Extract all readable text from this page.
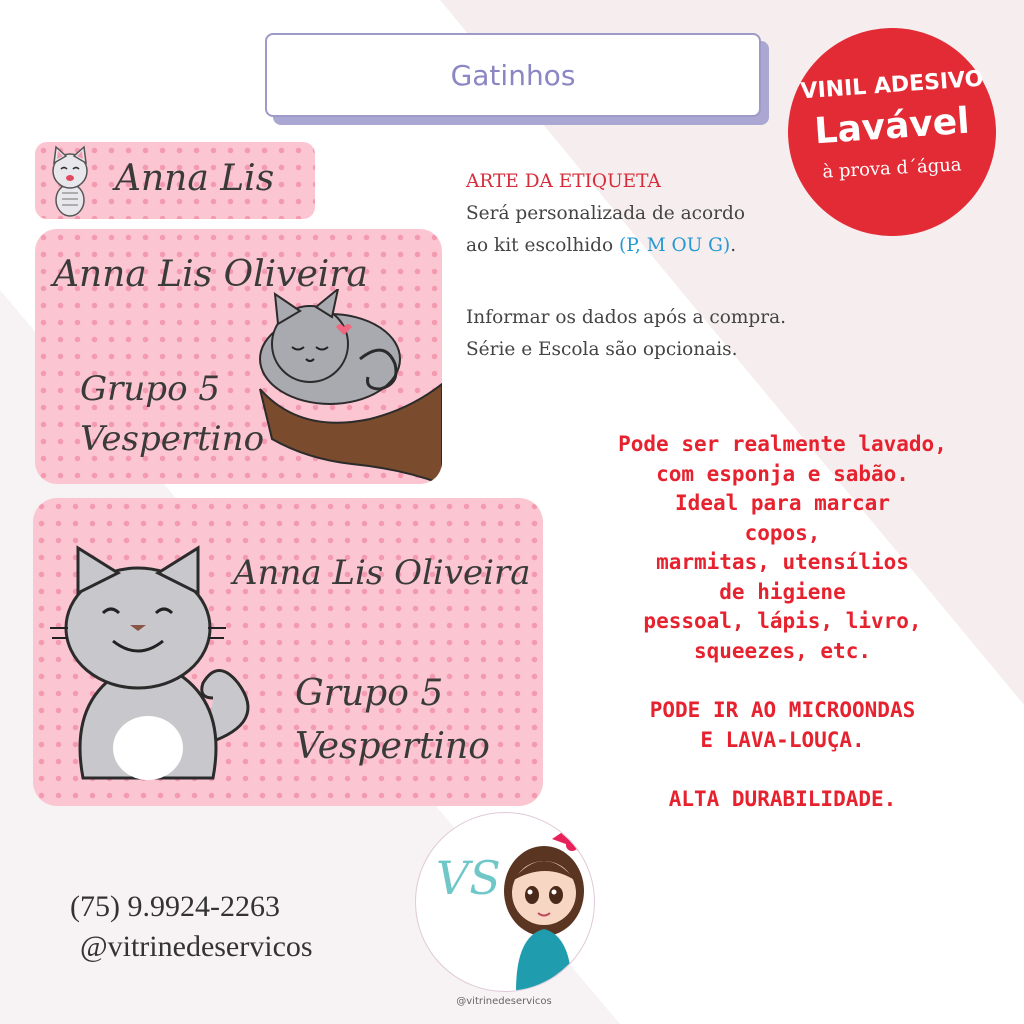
Gatinhos	VINIL ADESIVO
Lavável
à prova d´água
Anna Lis
Anna Lis Oliveira
Grupo 5
Vespertino
Anna Lis Oliveira
Grupo 5
Vespertino
ARTE DA ETIQUETA
Será personalizada de acordo
ao kit escolhido (P, M OU G).
Informar os dados após a compra.
Série e Escola são opcionais.
Pode ser realmente lavado,
com esponja e sabão.
Ideal para marcar
copos,
marmitas, utensílios
de higiene
pessoal, lápis, livro,
squeezes, etc.
PODE IR AO MICROONDAS
E LAVA-LOUÇA.
ALTA DURABILIDADE.
(75) 9.9924-2263
@vitrinedeservicos
VS
@vitrinedeservicos
